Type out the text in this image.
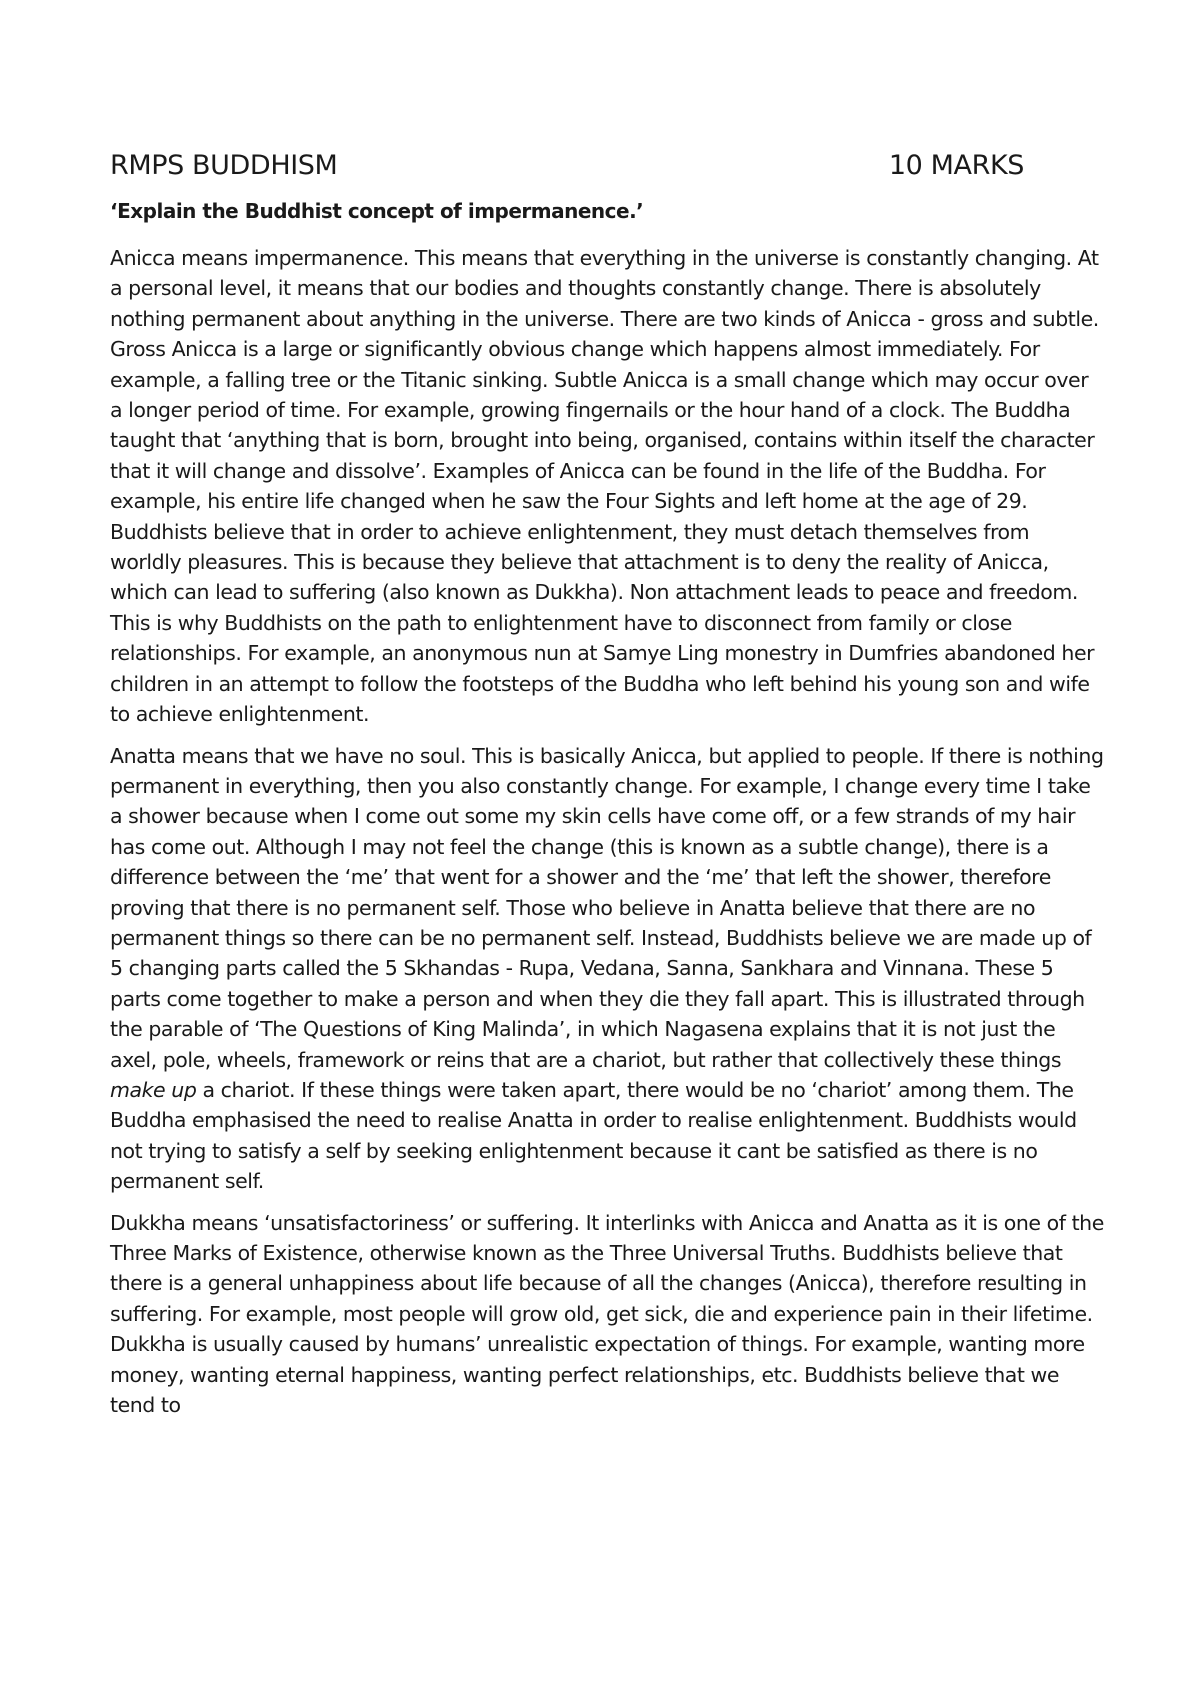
RMPS BUDDHISM	10 MARKS
‘Explain the Buddhist concept of impermanence.’

Anicca means impermanence. This means that everything in the universe is constantly changing. At a personal level, it means that our bodies and thoughts constantly change. There is absolutely nothing permanent about anything in the universe. There are two kinds of Anicca - gross and subtle. Gross Anicca is a large or significantly obvious change which happens almost immediately. For example, a falling tree or the Titanic sinking. Subtle Anicca is a small change which may occur over a longer period of time. For example, growing fingernails or the hour hand of a clock. The Buddha taught that ‘anything that is born, brought into being, organised, contains within itself the character that it will change and dissolve’. Examples of Anicca can be found in the life of the Buddha. For example, his entire life changed when he saw the Four Sights and left home at the age of 29. Buddhists believe that in order to achieve enlightenment, they must detach themselves from worldly pleasures. This is because they believe that attachment is to deny the reality of Anicca, which can lead to suffering (also known as Dukkha). Non attachment leads to peace and freedom. This is why Buddhists on the path to enlightenment have to disconnect from family or close relationships. For example, an anonymous nun at Samye Ling monestry in Dumfries abandoned her children in an attempt to follow the footsteps of the Buddha who left behind his young son and wife to achieve enlightenment.

Anatta means that we have no soul. This is basically Anicca, but applied to people. If there is nothing permanent in everything, then you also constantly change. For example, I change every time I take a shower because when I come out some my skin cells have come off, or a few strands of my hair has come out. Although I may not feel the change (this is known as a subtle change), there is a difference between the ‘me’ that went for a shower and the ‘me’ that left the shower, therefore proving that there is no permanent self. Those who believe in Anatta believe that there are no permanent things so there can be no permanent self. Instead, Buddhists believe we are made up of 5 changing parts called the 5 Skhandas - Rupa, Vedana, Sanna, Sankhara and Vinnana. These 5 parts come together to make a person and when they die they fall apart. This is illustrated through the parable of ‘The Questions of King Malinda’, in which Nagasena explains that it is not just the axel, pole, wheels, framework or reins that are a chariot, but rather that collectively these things make up a chariot. If these things were taken apart, there would be no ‘chariot’ among them. The Buddha emphasised the need to realise Anatta in order to realise enlightenment. Buddhists would not trying to satisfy a self by seeking enlightenment because it cant be satisfied as there is no permanent self.

Dukkha means ‘unsatisfactoriness’ or suffering. It interlinks with Anicca and Anatta as it is one of the Three Marks of Existence, otherwise known as the Three Universal Truths. Buddhists believe that there is a general unhappiness about life because of all the changes (Anicca), therefore resulting in suffering. For example, most people will grow old, get sick, die and experience pain in their lifetime. Dukkha is usually caused by humans’ unrealistic expectation of things. For example, wanting more money, wanting eternal happiness, wanting perfect relationships, etc. Buddhists believe that we tend to
